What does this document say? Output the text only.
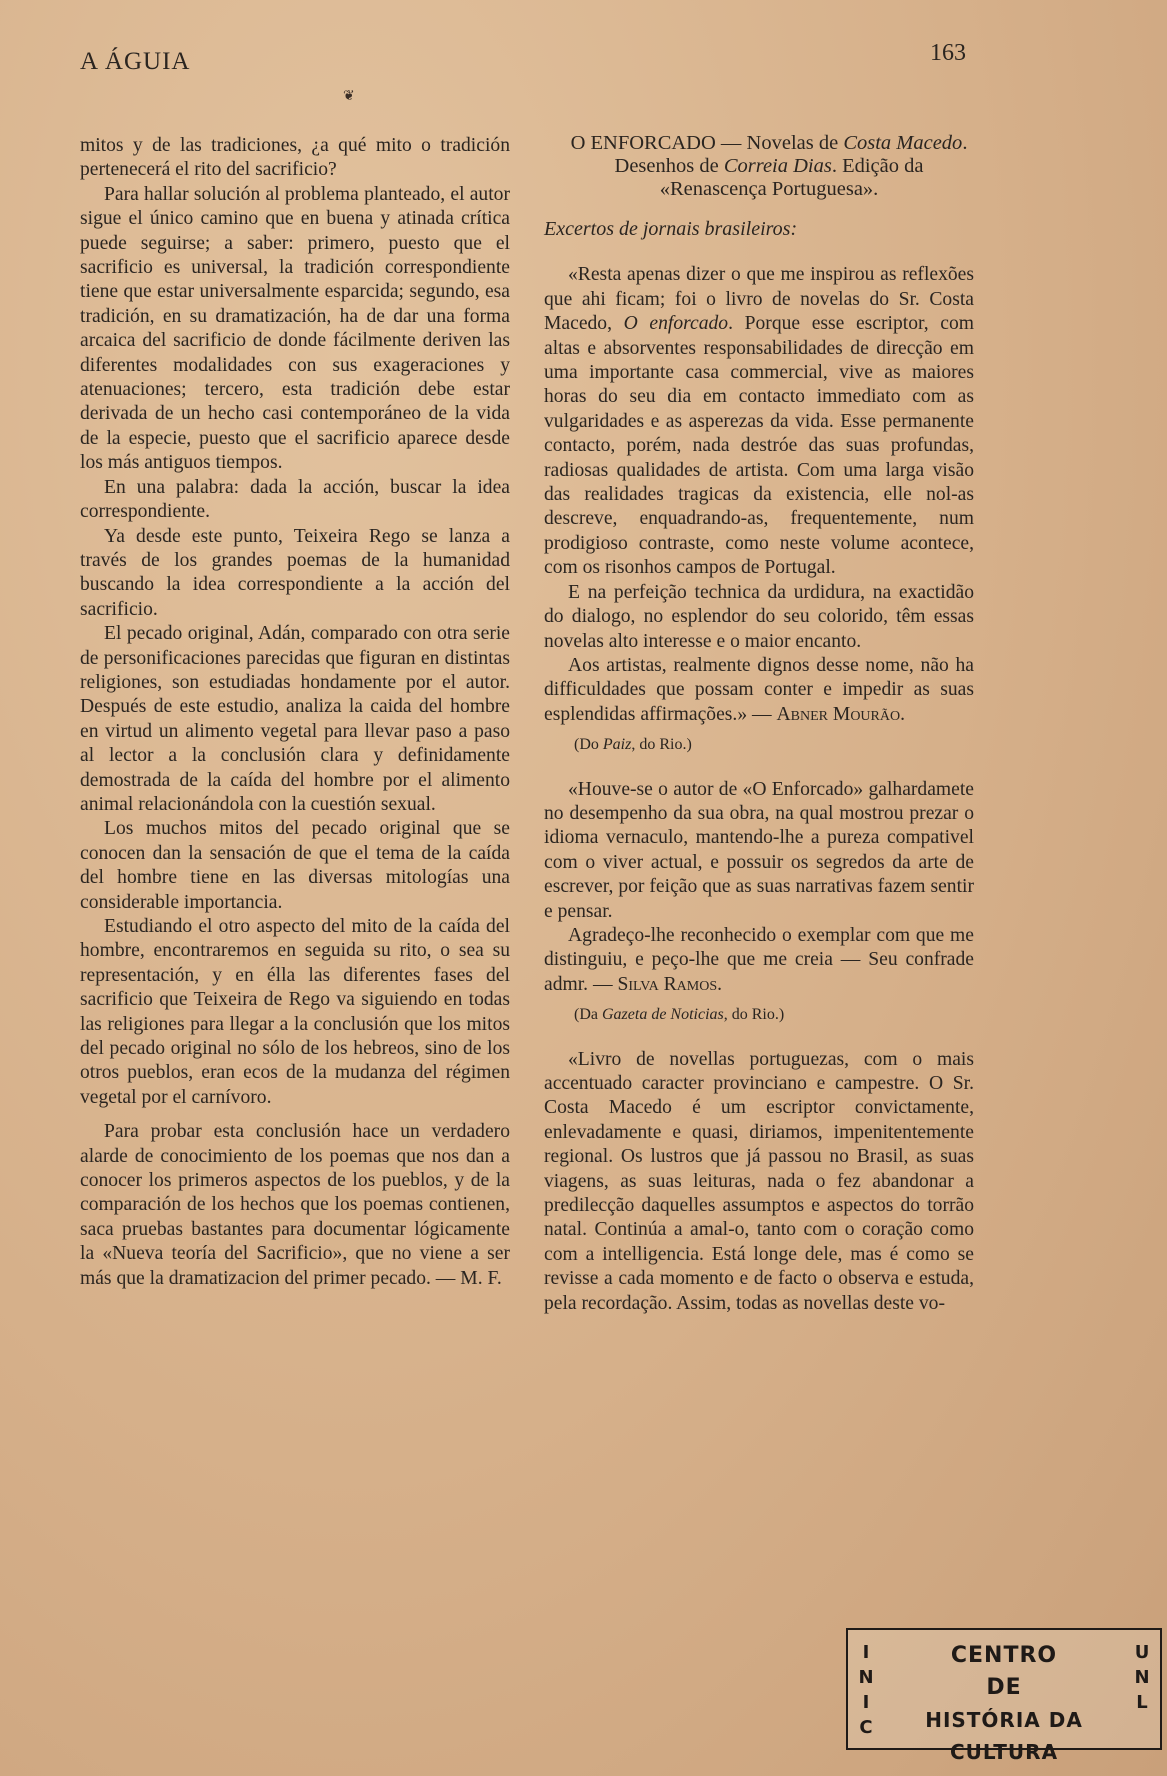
A ÁGUIA	163
❦

mitos y de las tradiciones, ¿a qué mito o tradición pertenecerá el rito del sacrificio?

Para hallar solución al problema planteado, el autor sigue el único camino que en buena y atinada crítica puede seguirse; a saber: primero, puesto que el sacrificio es universal, la tradición correspondiente tiene que estar universalmente esparcida; segundo, esa tradición, en su dramatización, ha de dar una forma arcaica del sacrificio de donde fácilmente deriven las diferentes modalidades con sus exageraciones y atenuaciones; tercero, esta tradición debe estar derivada de un hecho casi contemporáneo de la vida de la especie, puesto que el sacrificio aparece desde los más antiguos tiempos.

En una palabra: dada la acción, buscar la idea correspondiente.

Ya desde este punto, Teixeira Rego se lanza a través de los grandes poemas de la humanidad buscando la idea correspondiente a la acción del sacrificio.

El pecado original, Adán, comparado con otra serie de personificaciones parecidas que figuran en distintas religiones, son estudiadas hondamente por el autor. Después de este estudio, analiza la caida del hombre en virtud un alimento vegetal para llevar paso a paso al lector a la conclusión clara y definidamente demostrada de la caída del hombre por el alimento animal relacionándola con la cuestión sexual.

Los muchos mitos del pecado original que se conocen dan la sensación de que el tema de la caída del hombre tiene en las diversas mitologías una considerable importancia.

Estudiando el otro aspecto del mito de la caída del hombre, encontraremos en seguida su rito, o sea su representación, y en élla las diferentes fases del sacrificio que Teixeira de Rego va siguiendo en todas las religiones para llegar a la conclusión que los mitos del pecado original no sólo de los hebreos, sino de los otros pueblos, eran ecos de la mudanza del régimen vegetal por el carnívoro.

Para probar esta conclusión hace un verdadero alarde de conocimiento de los poemas que nos dan a conocer los primeros aspectos de los pueblos, y de la comparación de los hechos que los poemas contienen, saca pruebas bastantes para documentar lógicamente la «Nueva teoría del Sacrificio», que no viene a ser más que la dramatizacion del primer pecado. — M. F.

O ENFORCADO — Novelas de Costa Macedo. Desenhos de Correia Dias. Edição da «Renascença Portuguesa».

Excertos de jornais brasileiros:

«Resta apenas dizer o que me inspirou as reflexões que ahi ficam; foi o livro de novelas do Sr. Costa Macedo, O enforcado. Porque esse escriptor, com altas e absorventes responsabilidades de direcção em uma importante casa commercial, vive as maiores horas do seu dia em contacto immediato com as vulgaridades e as asperezas da vida. Esse permanente contacto, porém, nada destróe das suas profundas, radiosas qualidades de artista. Com uma larga visão das realidades tragicas da existencia, elle nol-as descreve, enquadrando-as, frequentemente, num prodigioso contraste, como neste volume acontece, com os risonhos campos de Portugal.

E na perfeição technica da urdidura, na exactidão do dialogo, no esplendor do seu colorido, têm essas novelas alto interesse e o maior encanto.

Aos artistas, realmente dignos desse nome, não ha difficuldades que possam conter e impedir as suas esplendidas affirmações.» — Abner Mourão.

(Do Paiz, do Rio.)

«Houve-se o autor de «O Enforcado» galhardamete no desempenho da sua obra, na qual mostrou prezar o idioma vernaculo, mantendo-lhe a pureza compativel com o viver actual, e possuir os segredos da arte de escrever, por feição que as suas narrativas fazem sentir e pensar.

Agradeço-lhe reconhecido o exemplar com que me distinguiu, e peço-lhe que me creia — Seu confrade admr. — Silva Ramos.

(Da Gazeta de Noticias, do Rio.)

«Livro de novellas portuguezas, com o mais accentuado caracter provinciano e campestre. O Sr. Costa Macedo é um escriptor convictamente, enlevadamente e quasi, diriamos, impenitentemente regional. Os lustros que já passou no Brasil, as suas viagens, as suas leituras, nada o fez abandonar a predilecção daquelles assumptos e aspectos do torrão natal. Continúa a amal-o, tanto com o coração como com a intelligencia. Está longe dele, mas é como se revisse a cada momento e de facto o observa e estuda, pela recordação. Assim, todas as novellas deste vo-

I
N
I
C
CENTRO
DE
HISTÓRIA DA CULTURA
U
N
L
